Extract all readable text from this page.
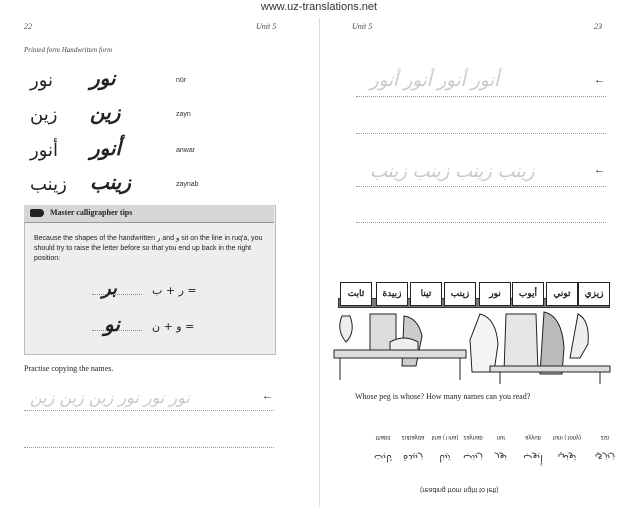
www.uz-translations.net
22	Unit 5
Printed form Handwritten form
نور نور	nūr
زين زين	zayn
أنور أنور	anwar
زينب زينب	zaynab
Master calligrapher tips
Because the shapes of the handwritten ر and و sit on the line in ruq'a, you should try to raise the letter before so that you end up back in the right position:
بر	= ر + ب
نو	= و + ن
Practise copying the names.
نور نور نور زين زين زين	←
Unit 5	23
أنور أنور أنور أنور	←
زينب زينب زينب زينب	←
زيزي
توني
أيوب
نور
زينب
تينا
زبيدة
ثابت
Whose peg is whose? How many names can you read?
zizi
ﺯﻳﺯﻱ
tuni (Tony)
ﺗﻭﻧﻲ
ayyub
ﺃﻳﻭﺏ
nur
ﻧﻭﺭ
zaynab
ﺯﻳﻧﺏ
tina (Tina)
ﺗﻳﻧﺎ
zubayda
ﺯﺑﻳﺩﺓ
thabit
ﺛﺎﺑﺕ
(reading from right to left)
